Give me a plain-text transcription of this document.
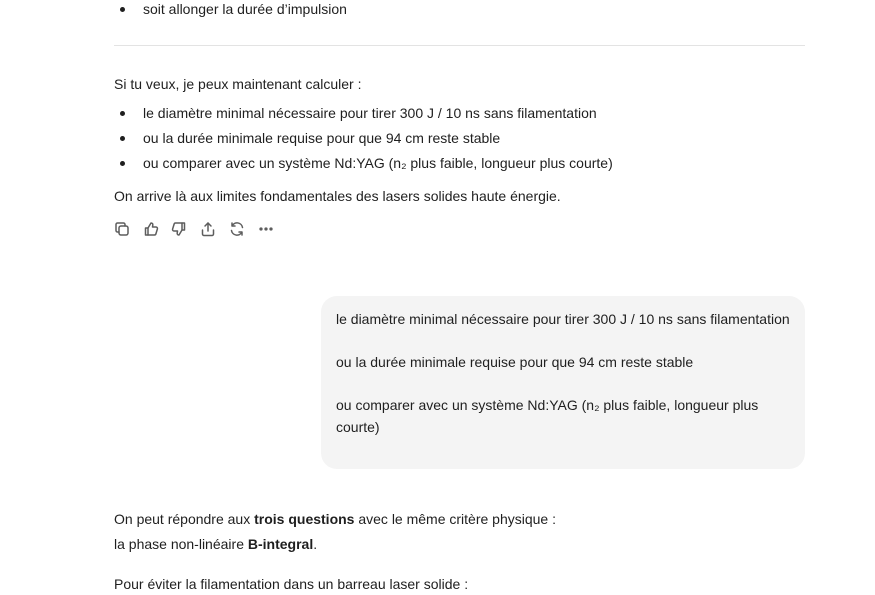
soit allonger la durée d’impulsion
Si tu veux, je peux maintenant calculer :
le diamètre minimal nécessaire pour tirer 300 J / 10 ns sans filamentation
ou la durée minimale requise pour que 94 cm reste stable
ou comparer avec un système Nd:YAG (n₂ plus faible, longueur plus courte)
On arrive là aux limites fondamentales des lasers solides haute énergie.

le diamètre minimal nécessaire pour tirer 300 J / 10 ns sans filamentation

ou la durée minimale requise pour que 94 cm reste stable

ou comparer avec un système Nd:YAG (n₂ plus faible, longueur plus courte)

On peut répondre aux trois questions avec le même critère physique :
la phase non-linéaire B-integral.
Pour éviter la filamentation dans un barreau laser solide :
